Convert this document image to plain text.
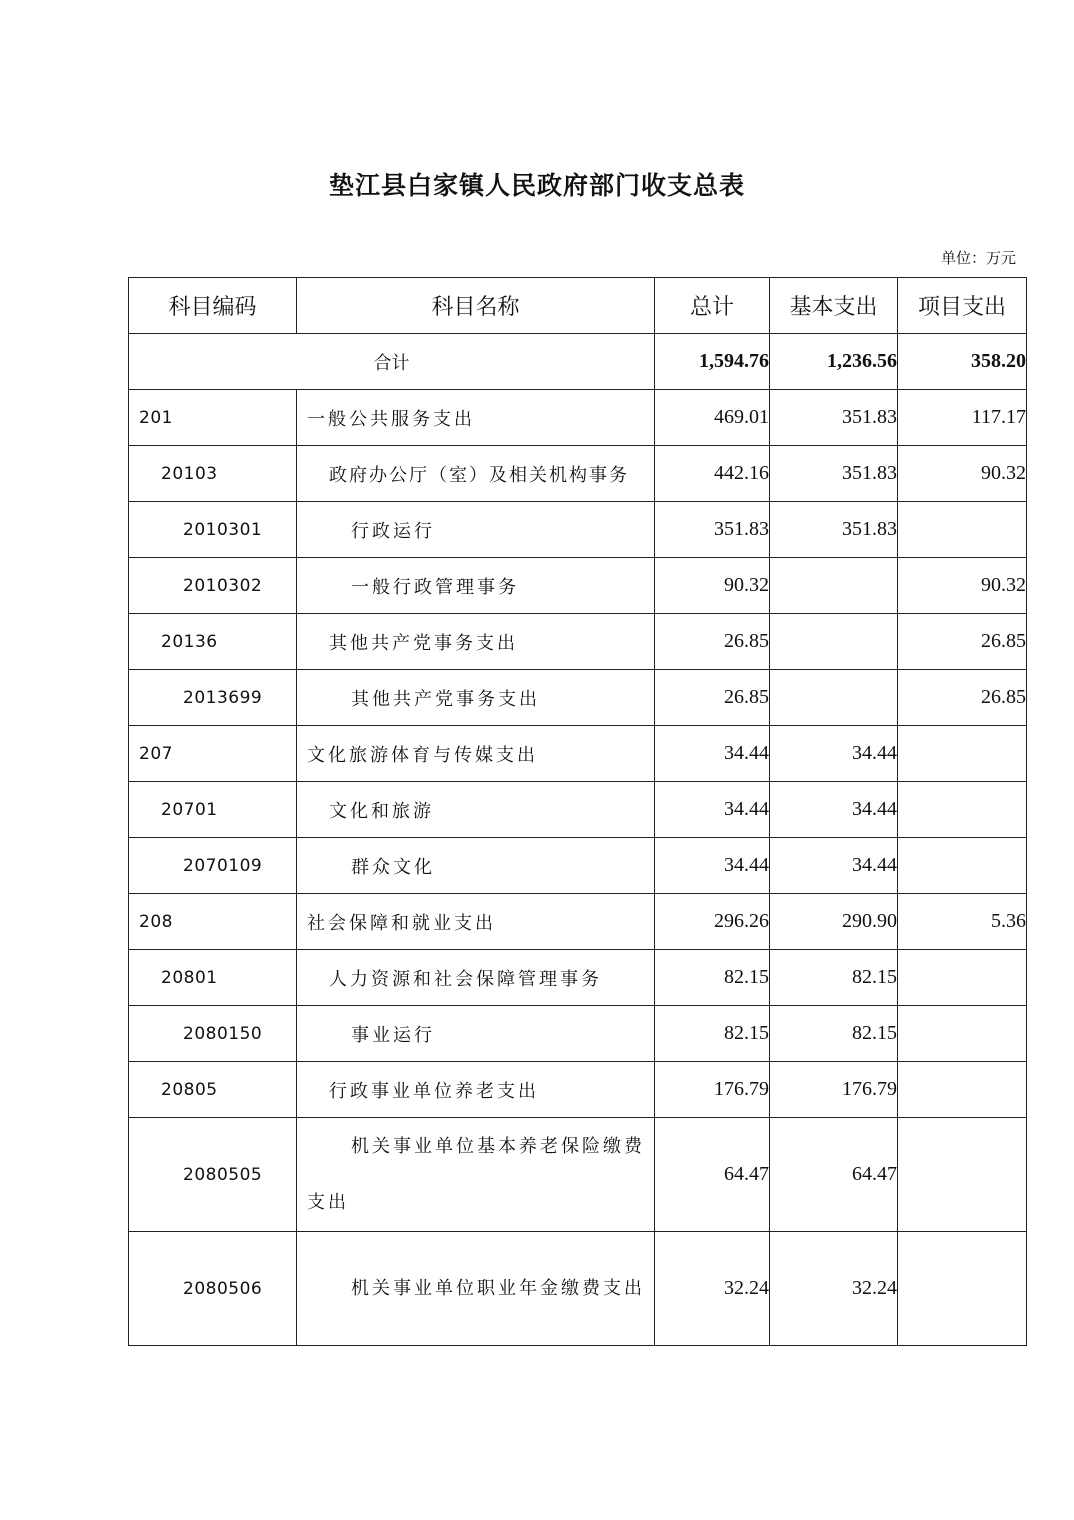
垫江县白家镇人民政府部门收支总表
单位：万元
科目编码	科目名称	总计	基本支出	项目支出
合计		1,594.76	1,236.56	358.20
201	一般公共服务支出	469.01	351.83	117.17
20103	政府办公厅（室）及相关机构事务	442.16	351.83	90.32
2010301	行政运行	351.83	351.83	
2010302	一般行政管理事务	90.32		90.32
20136	其他共产党事务支出	26.85		26.85
2013699	其他共产党事务支出	26.85		26.85
207	文化旅游体育与传媒支出	34.44	34.44	
20701	文化和旅游	34.44	34.44	
2070109	群众文化	34.44	34.44	
208	社会保障和就业支出	296.26	290.90	5.36
20801	人力资源和社会保障管理事务	82.15	82.15	
2080150	事业运行	82.15	82.15	
20805	行政事业单位养老支出	176.79	176.79	
2080505	机关事业单位基本养老保险缴费支出	64.47	64.47	
2080506	机关事业单位职业年金缴费支出	32.24	32.24	
